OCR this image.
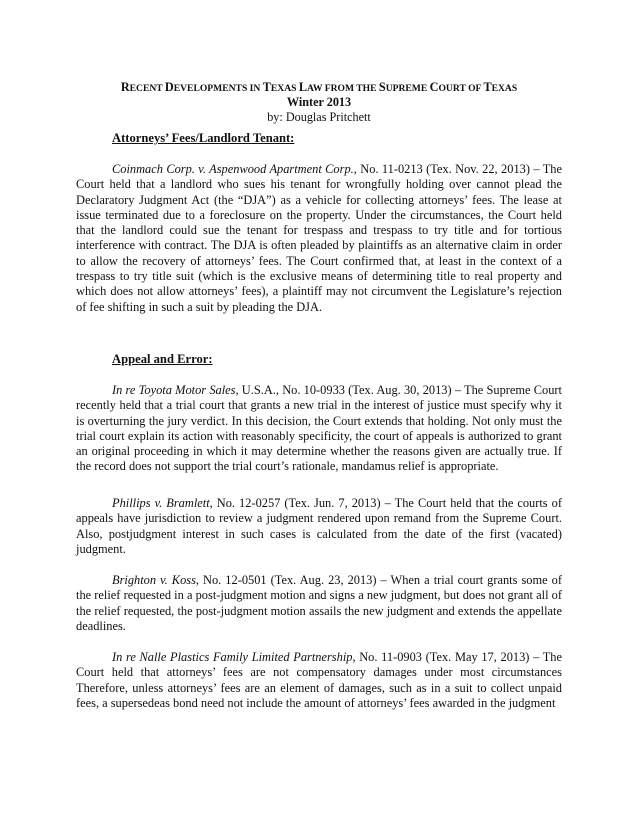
RECENT DEVELOPMENTS IN TEXAS LAW FROM THE SUPREME COURT OF TEXAS
Winter 2013
by: Douglas Pritchett
Attorneys’ Fees/Landlord Tenant:

Coinmach Corp. v. Aspenwood Apartment Corp., No. 11-0213 (Tex. Nov. 22, 2013) – The Court held that a landlord who sues his tenant for wrongfully holding over cannot plead the Declaratory Judgment Act (the “DJA”) as a vehicle for collecting attorneys’ fees. The lease at issue terminated due to a foreclosure on the property. Under the circumstances, the Court held that the landlord could sue the tenant for trespass and trespass to try title and for tortious interference with contract. The DJA is often pleaded by plaintiffs as an alternative claim in order to allow the recovery of attorneys’ fees. The Court confirmed that, at least in the context of a trespass to try title suit (which is the exclusive means of determining title to real property and which does not allow attorneys’ fees), a plaintiff may not circumvent the Legislature’s rejection of fee shifting in such a suit by pleading the DJA.

Appeal and Error:

In re Toyota Motor Sales, U.S.A., No. 10-0933 (Tex. Aug. 30, 2013) – The Supreme Court recently held that a trial court that grants a new trial in the interest of justice must specify why it is overturning the jury verdict. In this decision, the Court extends that holding. Not only must the trial court explain its action with reasonably specificity, the court of appeals is authorized to grant an original proceeding in which it may determine whether the reasons given are actually true. If the record does not support the trial court’s rationale, mandamus relief is appropriate.

Phillips v. Bramlett, No. 12-0257 (Tex. Jun. 7, 2013) – The Court held that the courts of appeals have jurisdiction to review a judgment rendered upon remand from the Supreme Court. Also, postjudgment interest in such cases is calculated from the date of the first (vacated) judgment.

Brighton v. Koss, No. 12-0501 (Tex. Aug. 23, 2013) – When a trial court grants some of the relief requested in a post-judgment motion and signs a new judgment, but does not grant all of the relief requested, the post-judgment motion assails the new judgment and extends the appellate deadlines.

In re Nalle Plastics Family Limited Partnership, No. 11-0903 (Tex. May 17, 2013) – The Court held that attorneys’ fees are not compensatory damages under most circumstances Therefore, unless attorneys’ fees are an element of damages, such as in a suit to collect unpaid fees, a supersedeas bond need not include the amount of attorneys’ fees awarded in the judgment
